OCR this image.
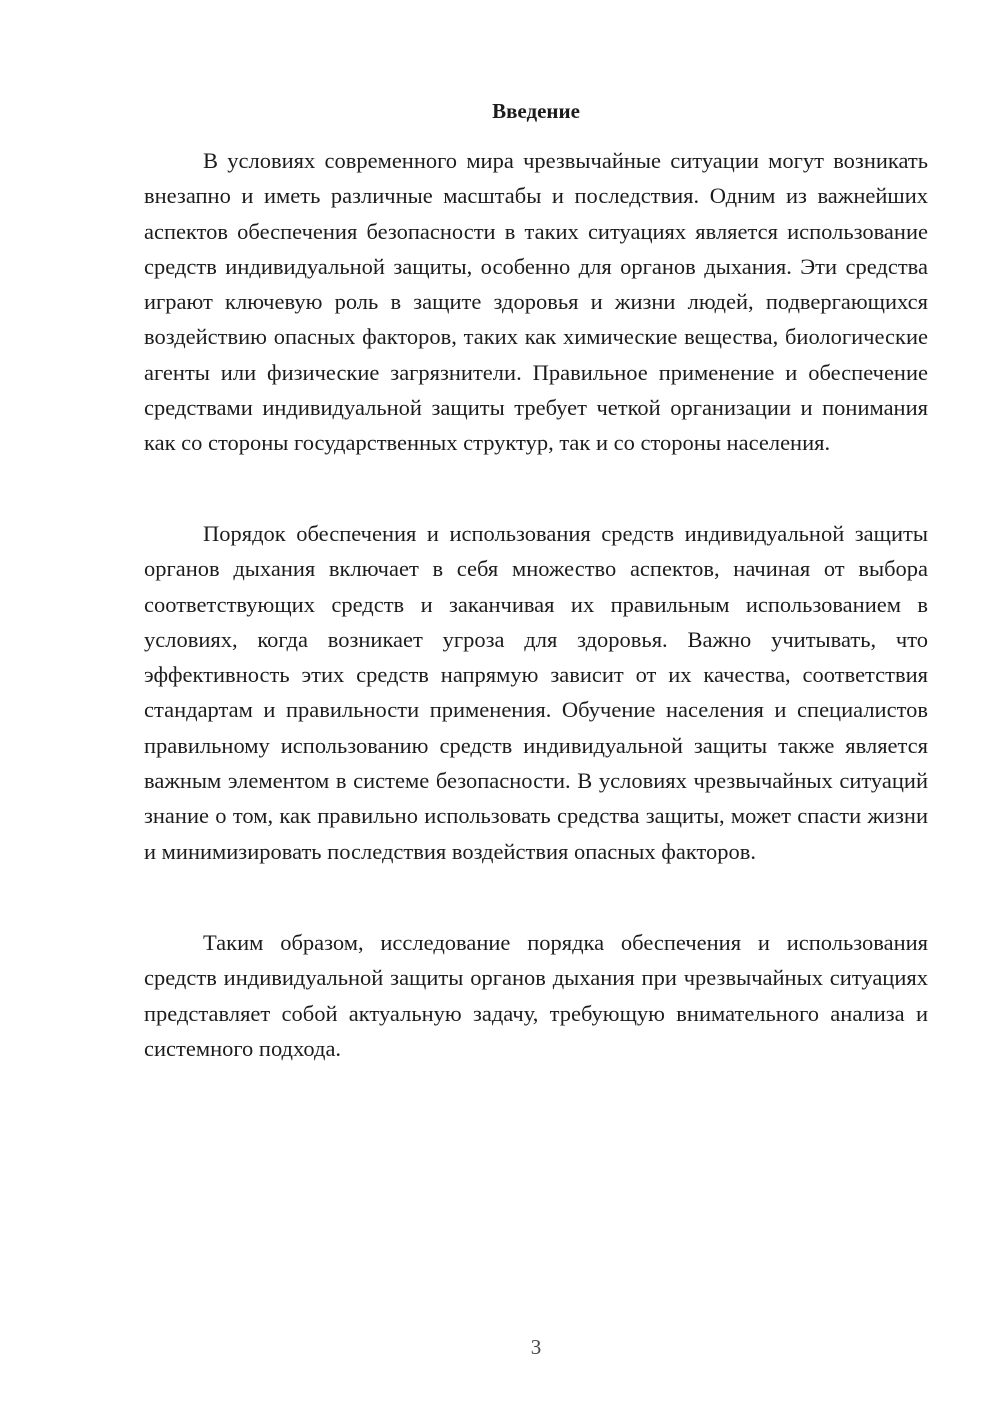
Введение

В условиях современного мира чрезвычайные ситуации могут возникать внезапно и иметь различные масштабы и последствия. Одним из важнейших аспектов обеспечения безопасности в таких ситуациях является использование средств индивидуальной защиты, особенно для органов дыхания. Эти средства играют ключевую роль в защите здоровья и жизни людей, подвергающихся воздействию опасных факторов, таких как химические вещества, биологические агенты или физические загрязнители. Правильное применение и обеспечение средствами индивидуальной защиты требует четкой организации и понимания как со стороны государственных структур, так и со стороны населения.

Порядок обеспечения и использования средств индивидуальной защиты органов дыхания включает в себя множество аспектов, начиная от выбора соответствующих средств и заканчивая их правильным использованием в условиях, когда возникает угроза для здоровья. Важно учитывать, что эффективность этих средств напрямую зависит от их качества, соответствия стандартам и правильности применения. Обучение населения и специалистов правильному использованию средств индивидуальной защиты также является важным элементом в системе безопасности. В условиях чрезвычайных ситуаций знание о том, как правильно использовать средства защиты, может спасти жизни и минимизировать последствия воздействия опасных факторов.

Таким образом, исследование порядка обеспечения и использования средств индивидуальной защиты органов дыхания при чрезвычайных ситуациях представляет собой актуальную задачу, требующую внимательного анализа и системного подхода.

3
